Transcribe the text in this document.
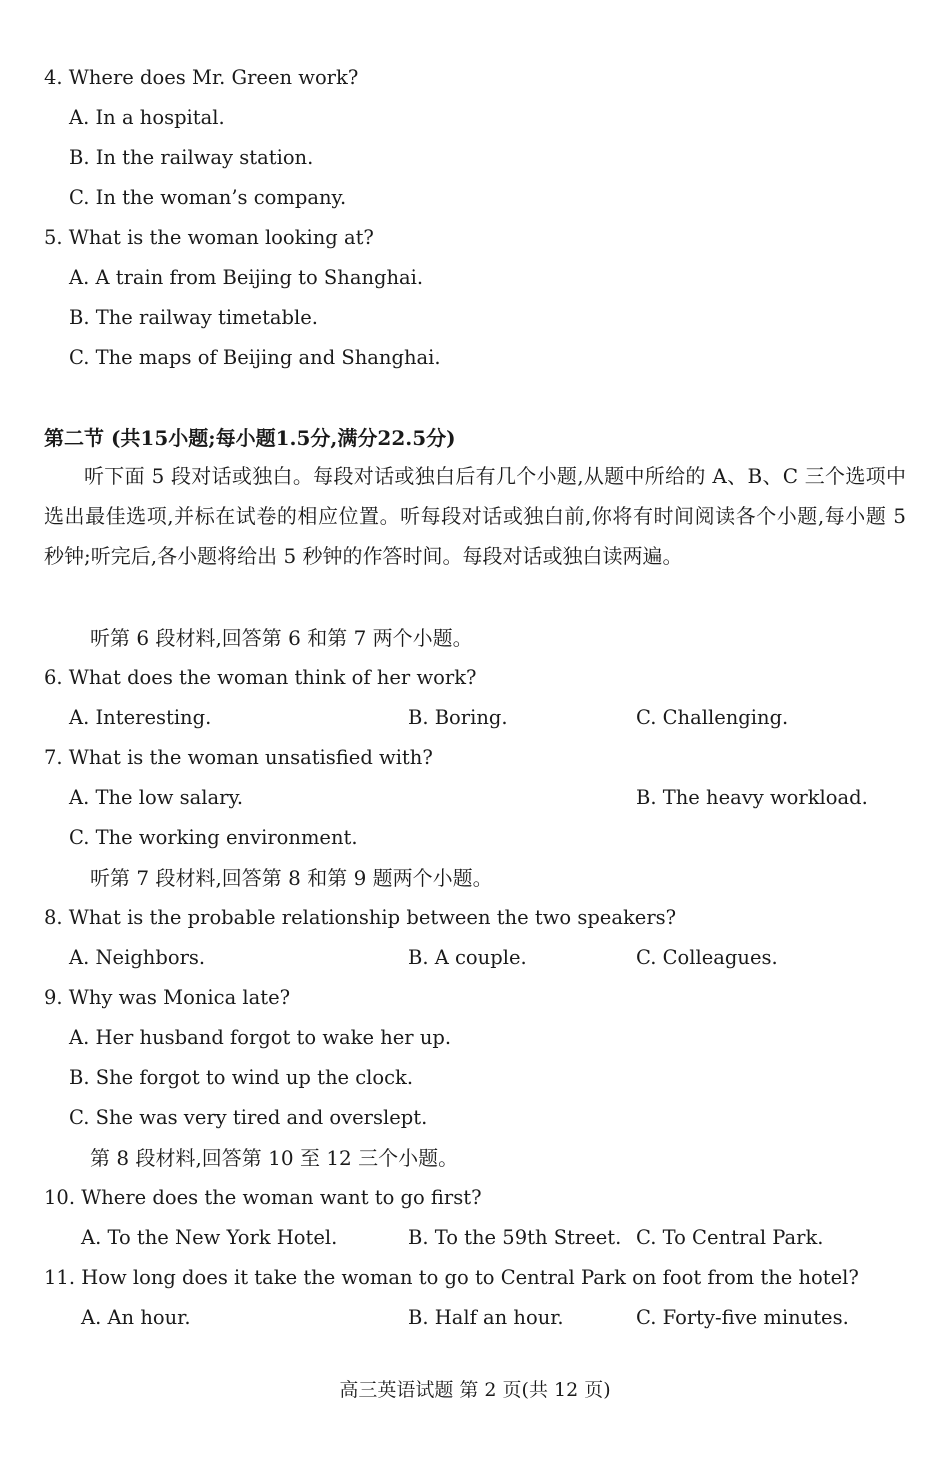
4. Where does Mr. Green work?
A. In a hospital.
B. In the railway station.
C. In the woman’s company.
5. What is the woman looking at?
A. A train from Beijing to Shanghai.
B. The railway timetable.
C. The maps of Beijing and Shanghai.
第二节 (共15小题;每小题1.5分,满分22.5分)
听下面 5 段对话或独白。每段对话或独白后有几个小题,从题中所给的 A、B、C 三个选项中选出最佳选项,并标在试卷的相应位置。听每段对话或独白前,你将有时间阅读各个小题,每小题 5 秒钟;听完后,各小题将给出 5 秒钟的作答时间。每段对话或独白读两遍。
听第 6 段材料,回答第 6 和第 7 两个小题。
6. What does the woman think of her work?
A. Interesting.	B. Boring.	C. Challenging.
7. What is the woman unsatisfied with?
A. The low salary.	B. The heavy workload.
C. The working environment.
听第 7 段材料,回答第 8 和第 9 题两个小题。
8. What is the probable relationship between the two speakers?
A. Neighbors.	B. A couple.	C. Colleagues.
9. Why was Monica late?
A. Her husband forgot to wake her up.
B. She forgot to wind up the clock.
C. She was very tired and overslept.
第 8 段材料,回答第 10 至 12 三个小题。
10. Where does the woman want to go first?
A. To the New York Hotel.	B. To the 59th Street. C. To Central Park.
11. How long does it take the woman to go to Central Park on foot from the hotel?
A. An hour.	B. Half an hour.	C. Forty-five minutes.
高三英语试题 第 2 页(共 12 页)
